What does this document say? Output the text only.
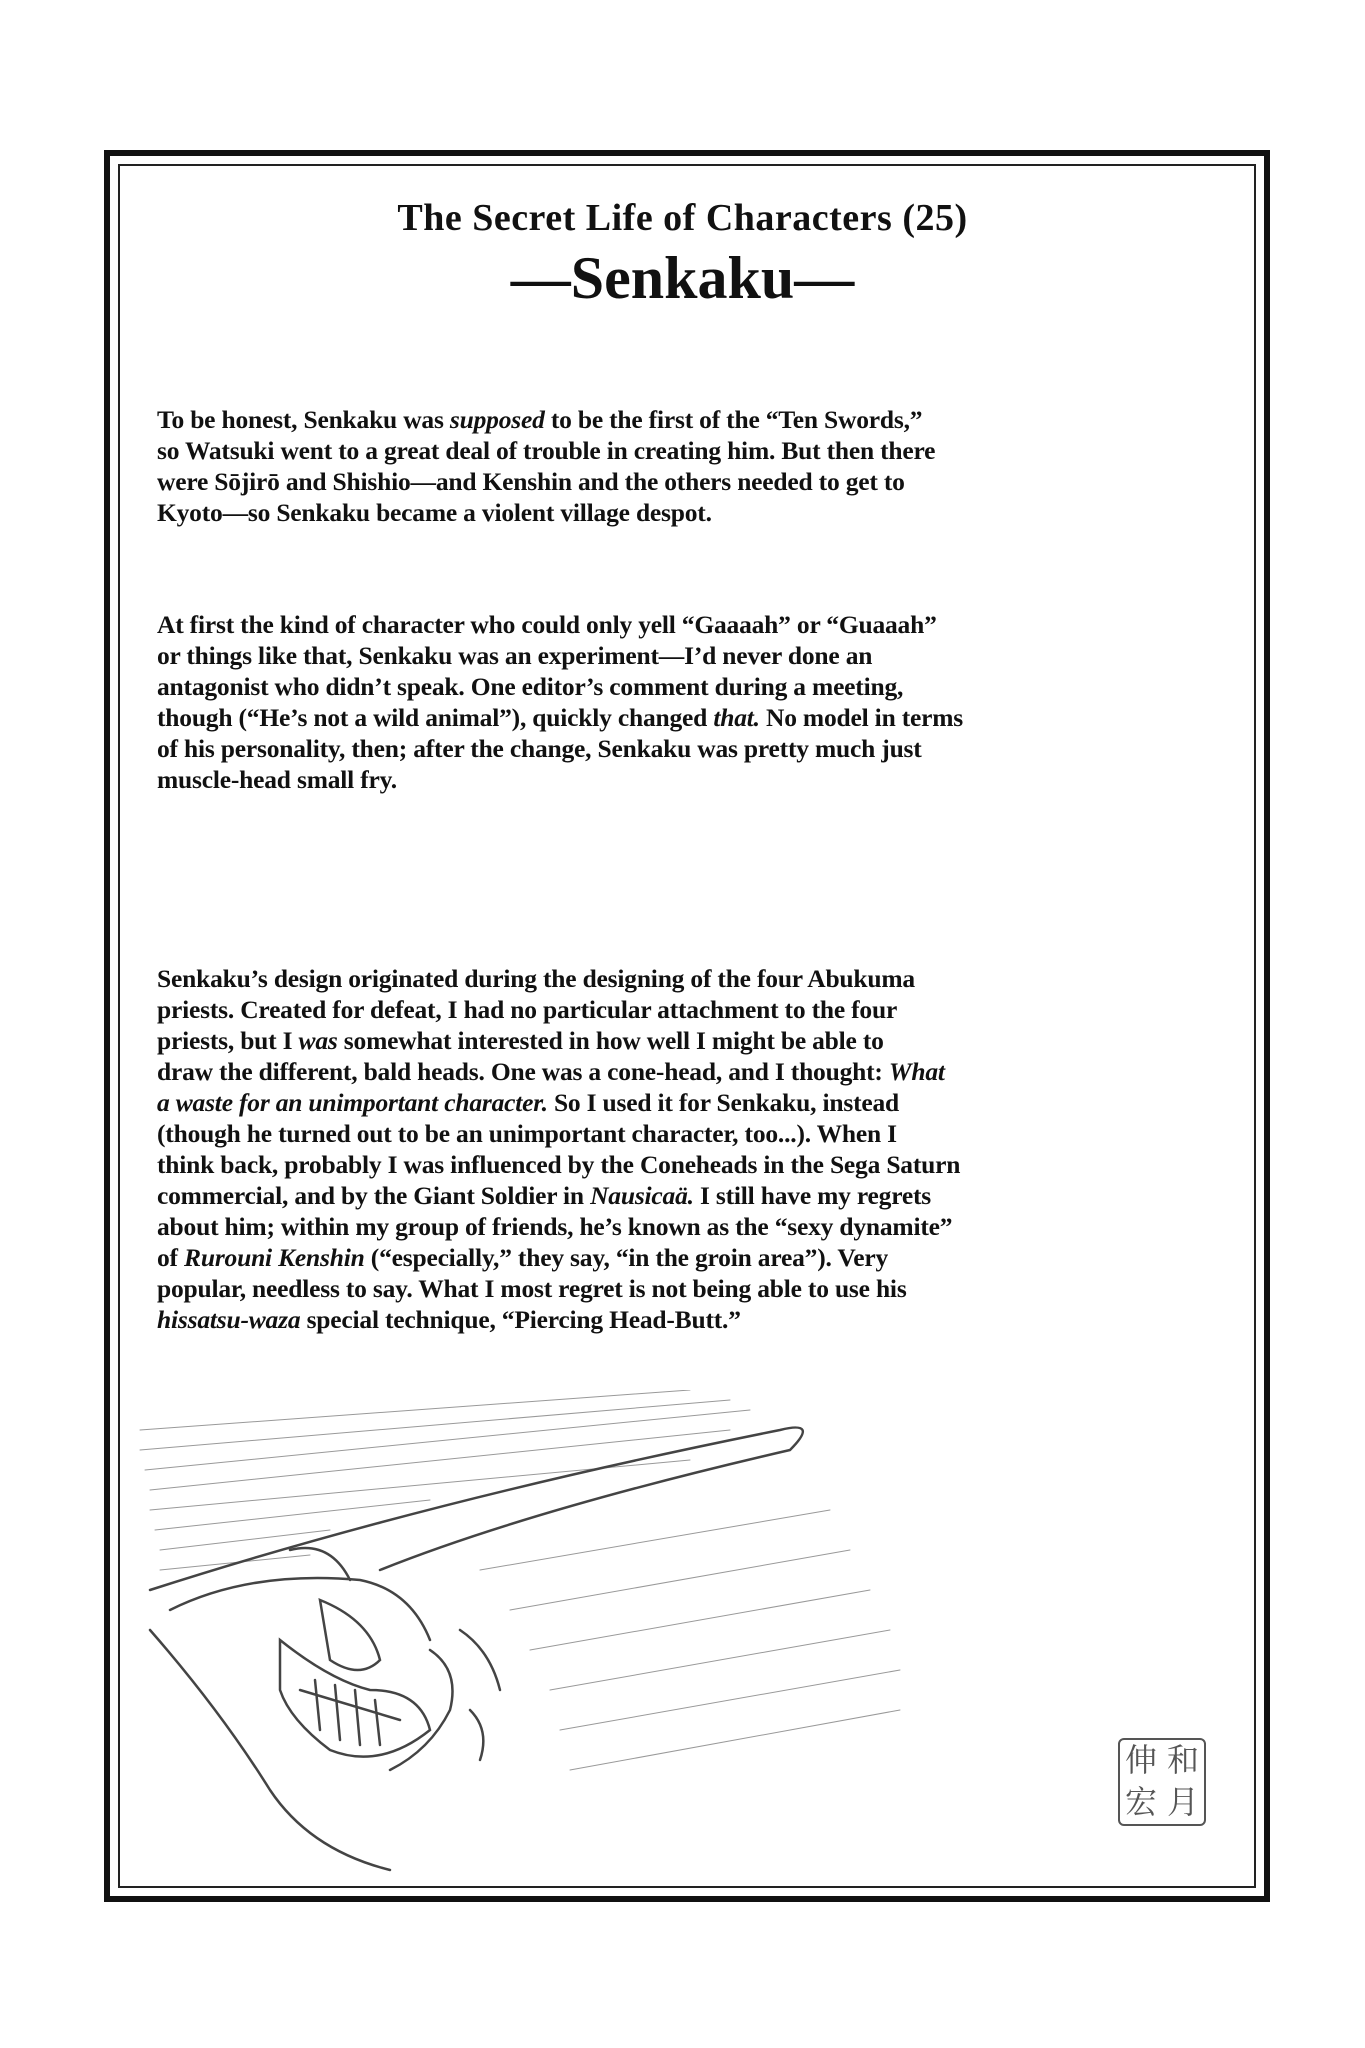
The Secret Life of Characters (25)
—Senkaku—
To be honest, Senkaku was supposed to be the first of the “Ten Swords,”
so Watsuki went to a great deal of trouble in creating him. But then there
were Sōjirō and Shishio—and Kenshin and the others needed to get to
Kyoto—so Senkaku became a violent village despot.
At first the kind of character who could only yell “Gaaaah” or “Guaaah”
or things like that, Senkaku was an experiment—I’d never done an
antagonist who didn’t speak. One editor’s comment during a meeting,
though (“He’s not a wild animal”), quickly changed that. No model in terms
of his personality, then; after the change, Senkaku was pretty much just
muscle-head small fry.
Senkaku’s design originated during the designing of the four Abukuma
priests. Created for defeat, I had no particular attachment to the four
priests, but I was somewhat interested in how well I might be able to
draw the different, bald heads. One was a cone-head, and I thought: What
a waste for an unimportant character. So I used it for Senkaku, instead
(though he turned out to be an unimportant character, too...). When I
think back, probably I was influenced by the Coneheads in the Sega Saturn
commercial, and by the Giant Soldier in Nausicaä. I still have my regrets
about him; within my group of friends, he’s known as the “sexy dynamite”
of Rurouni Kenshin (“especially,” they say, “in the groin area”). Very
popular, needless to say. What I most regret is not being able to use his
hissatsu-waza special technique, “Piercing Head-Butt.”
伸 和
宏 月
